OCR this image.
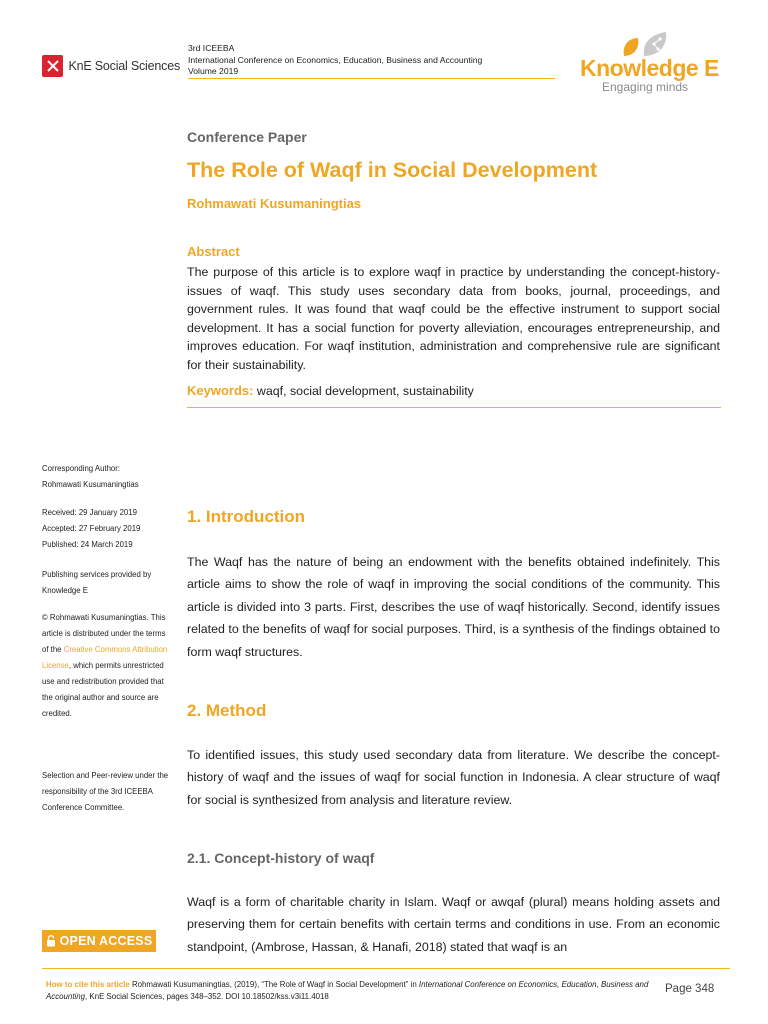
KnE Social Sciences
3rd ICEEBA
International Conference on Economics, Education, Business and Accounting
Volume 2019	Knowledge E
Engaging minds
Conference Paper
The Role of Waqf in Social Development
Rohmawati Kusumaningtias
Abstract
The purpose of this article is to explore waqf in practice by understanding the concept-history-issues of waqf. This study uses secondary data from books, journal, proceedings, and government rules. It was found that waqf could be the effective instrument to support social development. It has a social function for poverty alleviation, encourages entrepreneurship, and improves education. For waqf institution, administration and comprehensive rule are significant for their sustainability.
Keywords: waqf, social development, sustainability
Corresponding Author:
Rohmawati Kusumaningtias
Received: 29 January 2019
Accepted: 27 February 2019
Published: 24 March 2019
Publishing services provided by Knowledge E
© Rohmawati Kusumaningtias. This article is distributed under the terms of the Creative Commons Attribution License, which permits unrestricted use and redistribution provided that the original author and source are credited.
Selection and Peer-review under the responsibility of the 3rd ICEEBA Conference Committee.
1. Introduction
The Waqf has the nature of being an endowment with the benefits obtained indefinitely. This article aims to show the role of waqf in improving the social conditions of the community. This article is divided into 3 parts. First, describes the use of waqf historically. Second, identify issues related to the benefits of waqf for social purposes. Third, is a synthesis of the findings obtained to form waqf structures.
2. Method
To identified issues, this study used secondary data from literature. We describe the concept-history of waqf and the issues of waqf for social function in Indonesia. A clear structure of waqf for social is synthesized from analysis and literature review.
2.1. Concept-history of waqf
Waqf is a form of charitable charity in Islam. Waqf or awqaf (plural) means holding assets and preserving them for certain benefits with certain terms and conditions in use. From an economic standpoint, (Ambrose, Hassan, & Hanafi, 2018) stated that waqf is an
OPEN ACCESS
How to cite this article Rohmawati Kusumaningtias, (2019), “The Role of Waqf in Social Development” in International Conference on Economics, Education, Business and Accounting, KnE Social Sciences, pages 348–352. DOI 10.18502/kss.v3i11.4018
Page 348
